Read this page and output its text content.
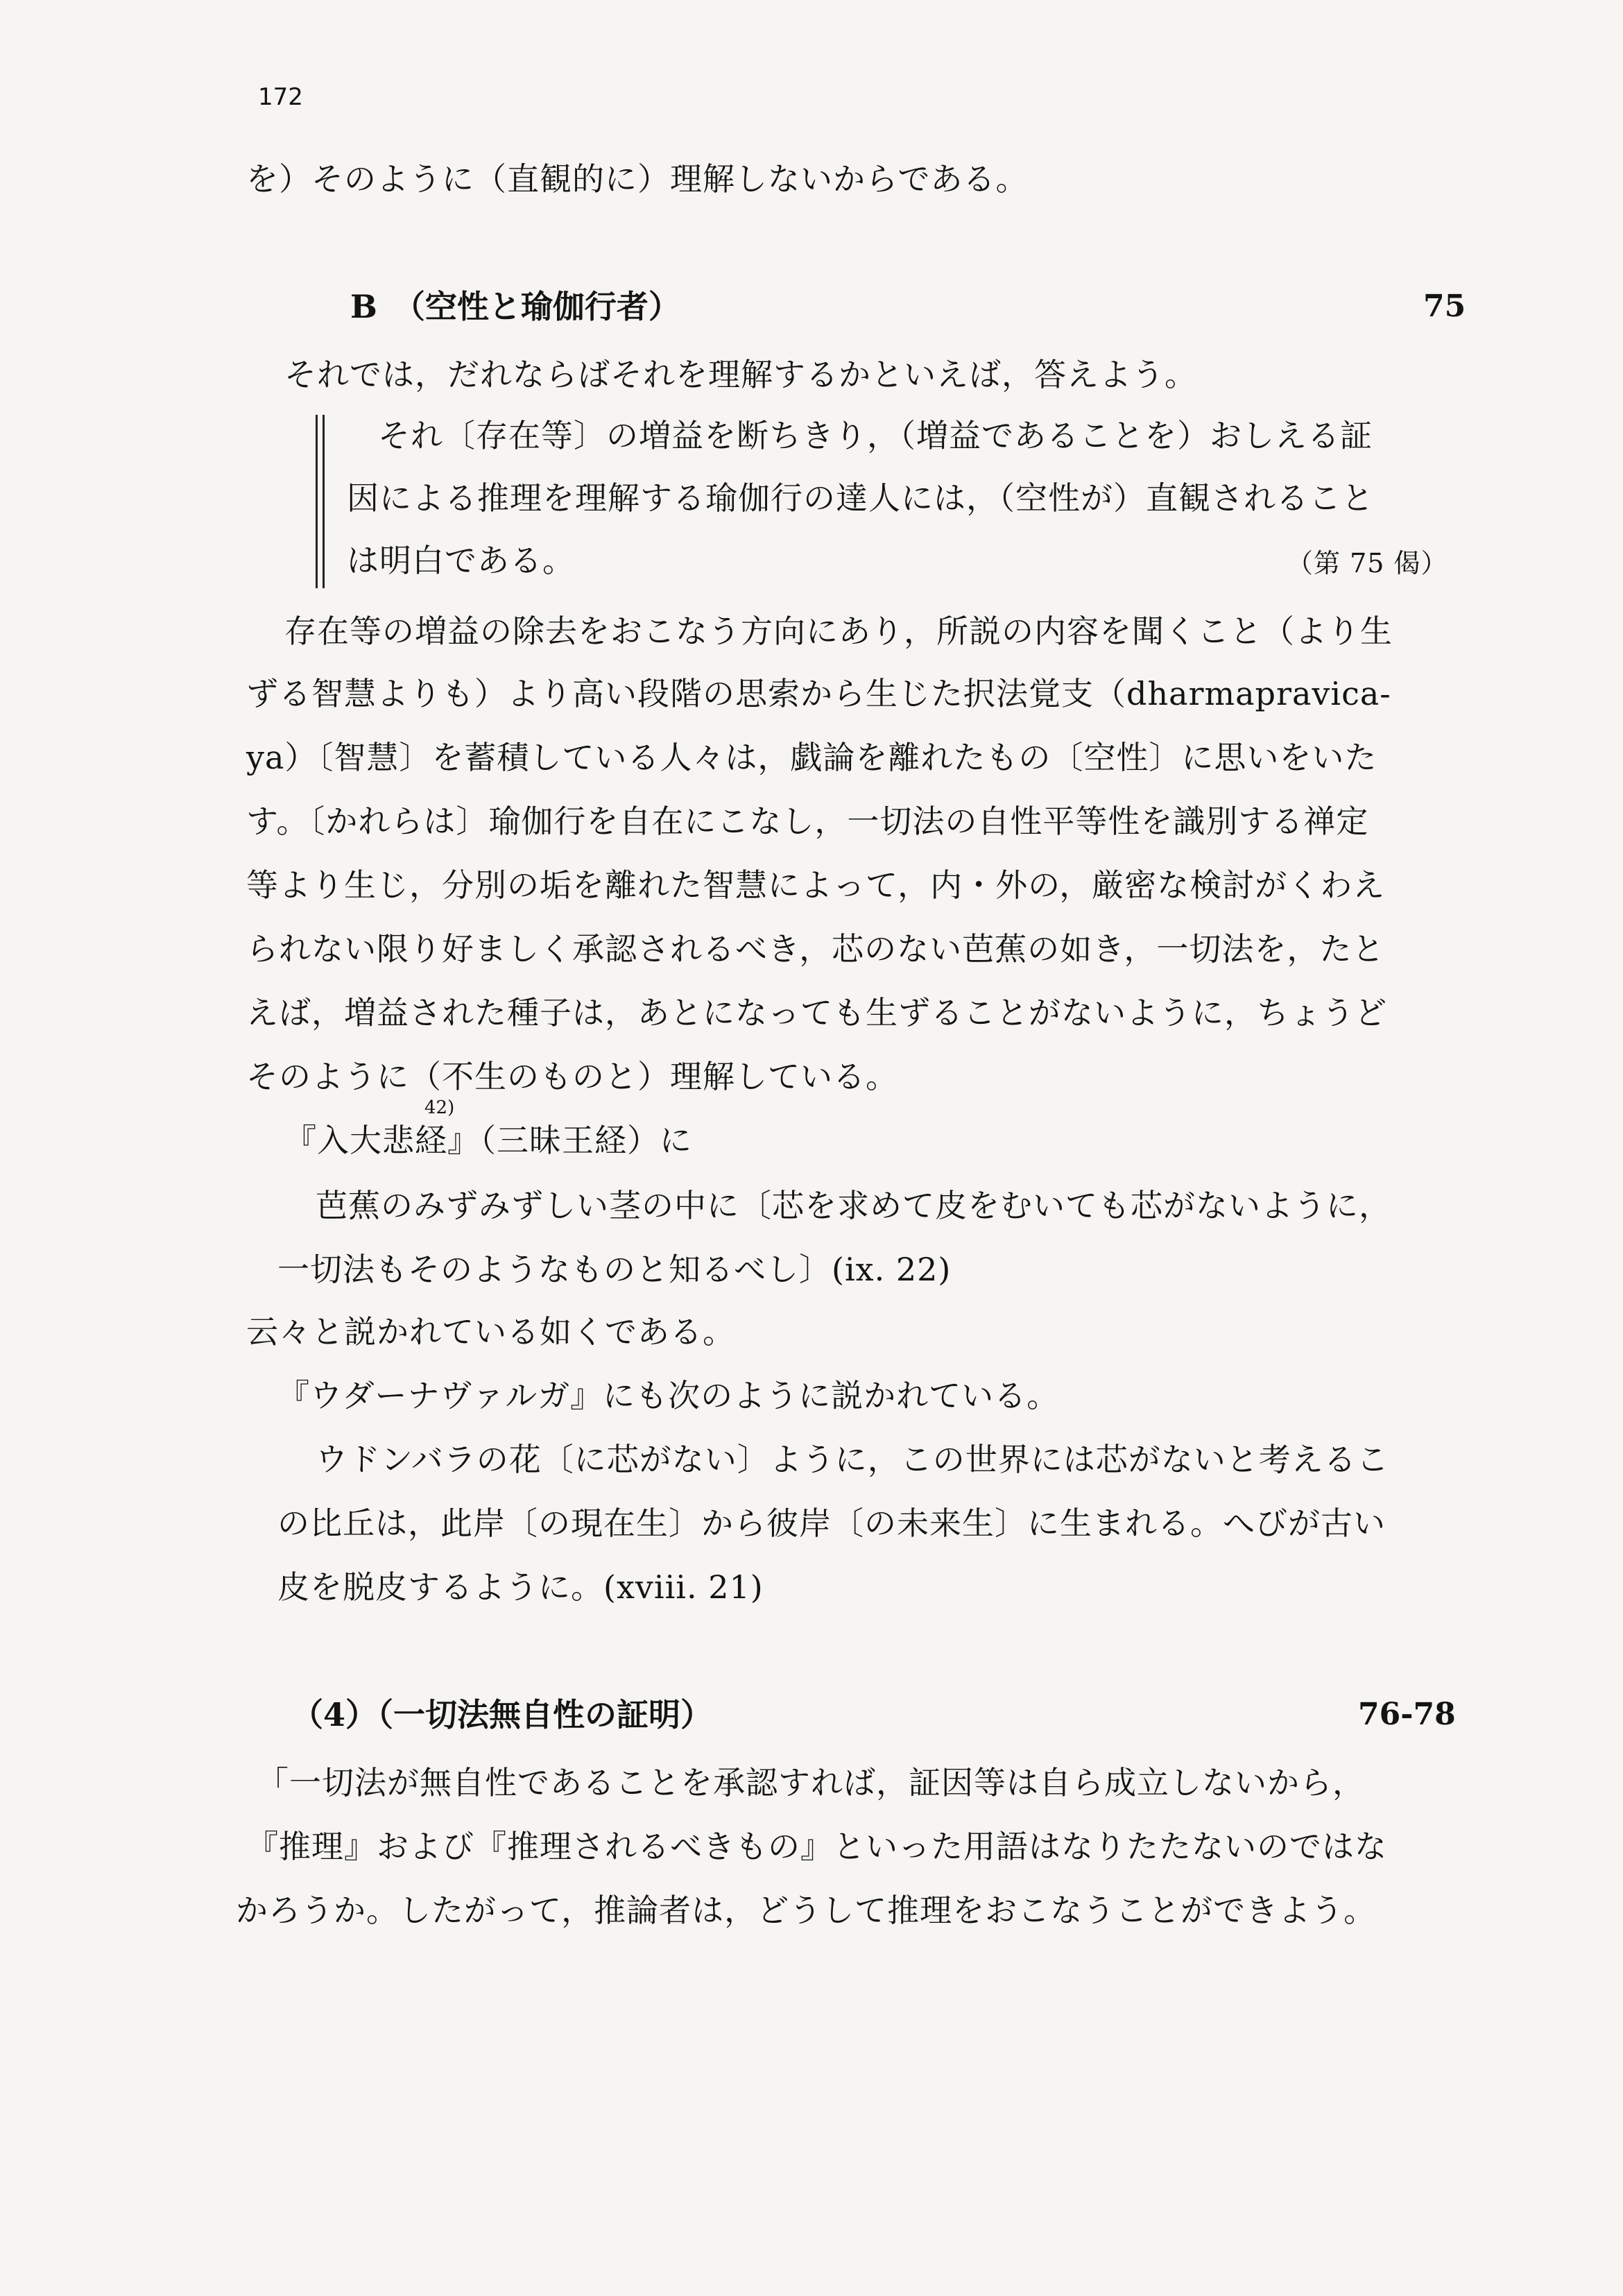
172
を）そのように（直観的に）理解しないからである。
B　（空性と瑜伽行者）	75
それでは，だれならばそれを理解するかといえば，答えよう。
それ〔存在等〕の増益を断ちきり，（増益であることを）おしえる証
因による推理を理解する瑜伽行の達人には，（空性が）直観されること
は明白である。	（第 75 偈）
存在等の増益の除去をおこなう方向にあり，所説の内容を聞くこと（より生
ずる智慧よりも）より高い段階の思索から生じた択法覚支（dharmapravica-
ya）〔智慧〕を蓄積している人々は，戯論を離れたもの〔空性〕に思いをいた
す。〔かれらは〕瑜伽行を自在にこなし，一切法の自性平等性を識別する禅定
等より生じ，分別の垢を離れた智慧によって，内・外の，厳密な検討がくわえ
られない限り好ましく承認されるべき，芯のない芭蕉の如き，一切法を，たと
えば，増益された種子は，あとになっても生ずることがないように，ちょうど
そのように（不生のものと）理解している。
42)
『入大悲経』（三昧王経）に
芭蕉のみずみずしい茎の中に〔芯を求めて皮をむいても芯がないように，
一切法もそのようなものと知るべし〕(ix. 22)
云々と説かれている如くである。
『ウダーナヴァルガ』にも次のように説かれている。
ウドンバラの花〔に芯がない〕ように，この世界には芯がないと考えるこ
の比丘は，此岸〔の現在生〕から彼岸〔の未来生〕に生まれる。へびが古い
皮を脱皮するように。(xviii. 21)
（4）（一切法無自性の証明）	76-78
「一切法が無自性であることを承認すれば，証因等は自ら成立しないから，
『推理』および『推理されるべきもの』といった用語はなりたたないのではな
かろうか。したがって，推論者は，どうして推理をおこなうことができよう。
